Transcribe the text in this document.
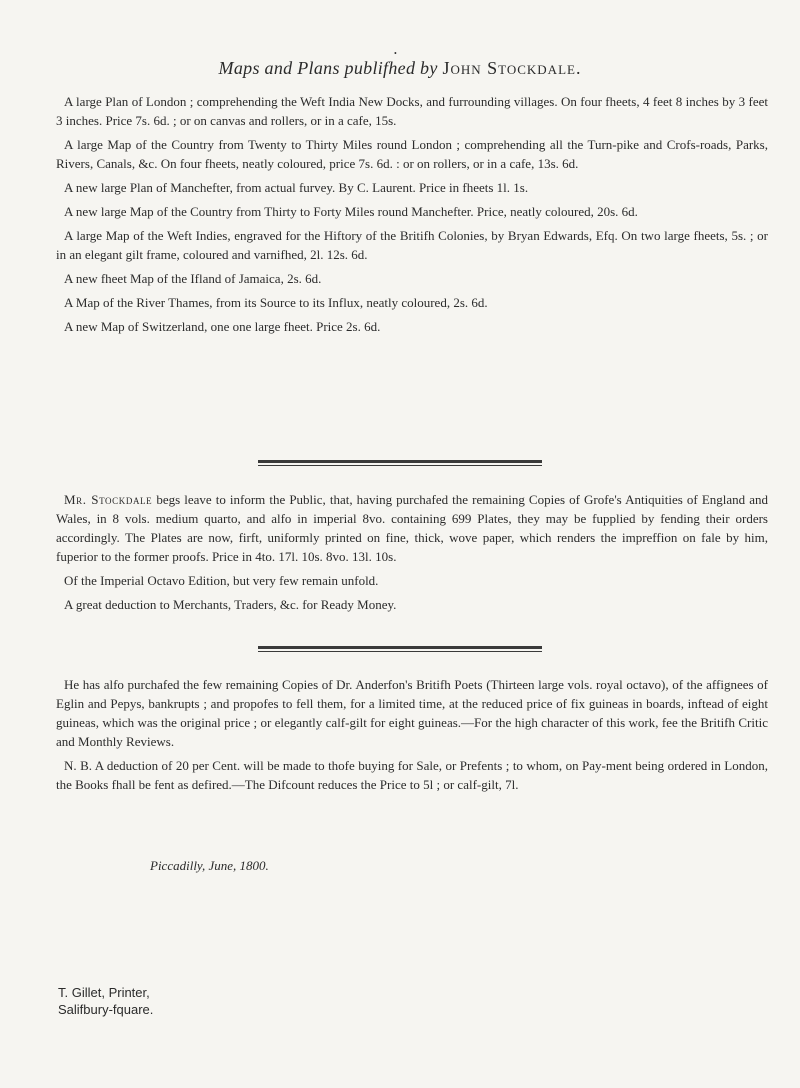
•
Maps and Plans publifhed by John Stockdale.

A large Plan of London ; comprehending the Weft India New Docks, and furrounding villages. On four fheets, 4 feet 8 inches by 3 feet 3 inches. Price 7s. 6d. ; or on canvas and rollers, or in a cafe, 15s.

A large Map of the Country from Twenty to Thirty Miles round London ; comprehending all the Turn-pike and Crofs-roads, Parks, Rivers, Canals, &c. On four fheets, neatly coloured, price 7s. 6d. : or on rollers, or in a cafe, 13s. 6d.

A new large Plan of Manchefter, from actual furvey. By C. Laurent. Price in fheets 1l. 1s.

A new large Map of the Country from Thirty to Forty Miles round Manchefter. Price, neatly coloured, 20s. 6d.

A large Map of the Weft Indies, engraved for the Hiftory of the Britifh Colonies, by Bryan Edwards, Efq. On two large fheets, 5s. ; or in an elegant gilt frame, coloured and varnifhed, 2l. 12s. 6d.

A new fheet Map of the Ifland of Jamaica, 2s. 6d.

A Map of the River Thames, from its Source to its Influx, neatly coloured, 2s. 6d.

A new Map of Switzerland, one one large fheet. Price 2s. 6d.

Mr. Stockdale begs leave to inform the Public, that, having purchafed the remaining Copies of Grofe's Antiquities of England and Wales, in 8 vols. medium quarto, and alfo in imperial 8vo. containing 699 Plates, they may be fupplied by fending their orders accordingly. The Plates are now, firft, uniformly printed on fine, thick, wove paper, which renders the impreffion on fale by him, fuperior to the former proofs. Price in 4to. 17l. 10s. 8vo. 13l. 10s.

Of the Imperial Octavo Edition, but very few remain unfold.

A great deduction to Merchants, Traders, &c. for Ready Money.

He has alfo purchafed the few remaining Copies of Dr. Anderfon's Britifh Poets (Thirteen large vols. royal octavo), of the affignees of Eglin and Pepys, bankrupts ; and propofes to fell them, for a limited time, at the reduced price of fix guineas in boards, inftead of eight guineas, which was the original price ; or elegantly calf-gilt for eight guineas.—For the high character of this work, fee the Britifh Critic and Monthly Reviews.

N. B. A deduction of 20 per Cent. will be made to thofe buying for Sale, or Prefents ; to whom, on Pay-ment being ordered in London, the Books fhall be fent as defired.—The Difcount reduces the Price to 5l ; or calf-gilt, 7l.

Piccadilly, June, 1800.
T. Gillet, Printer,
Salifbury-fquare.
